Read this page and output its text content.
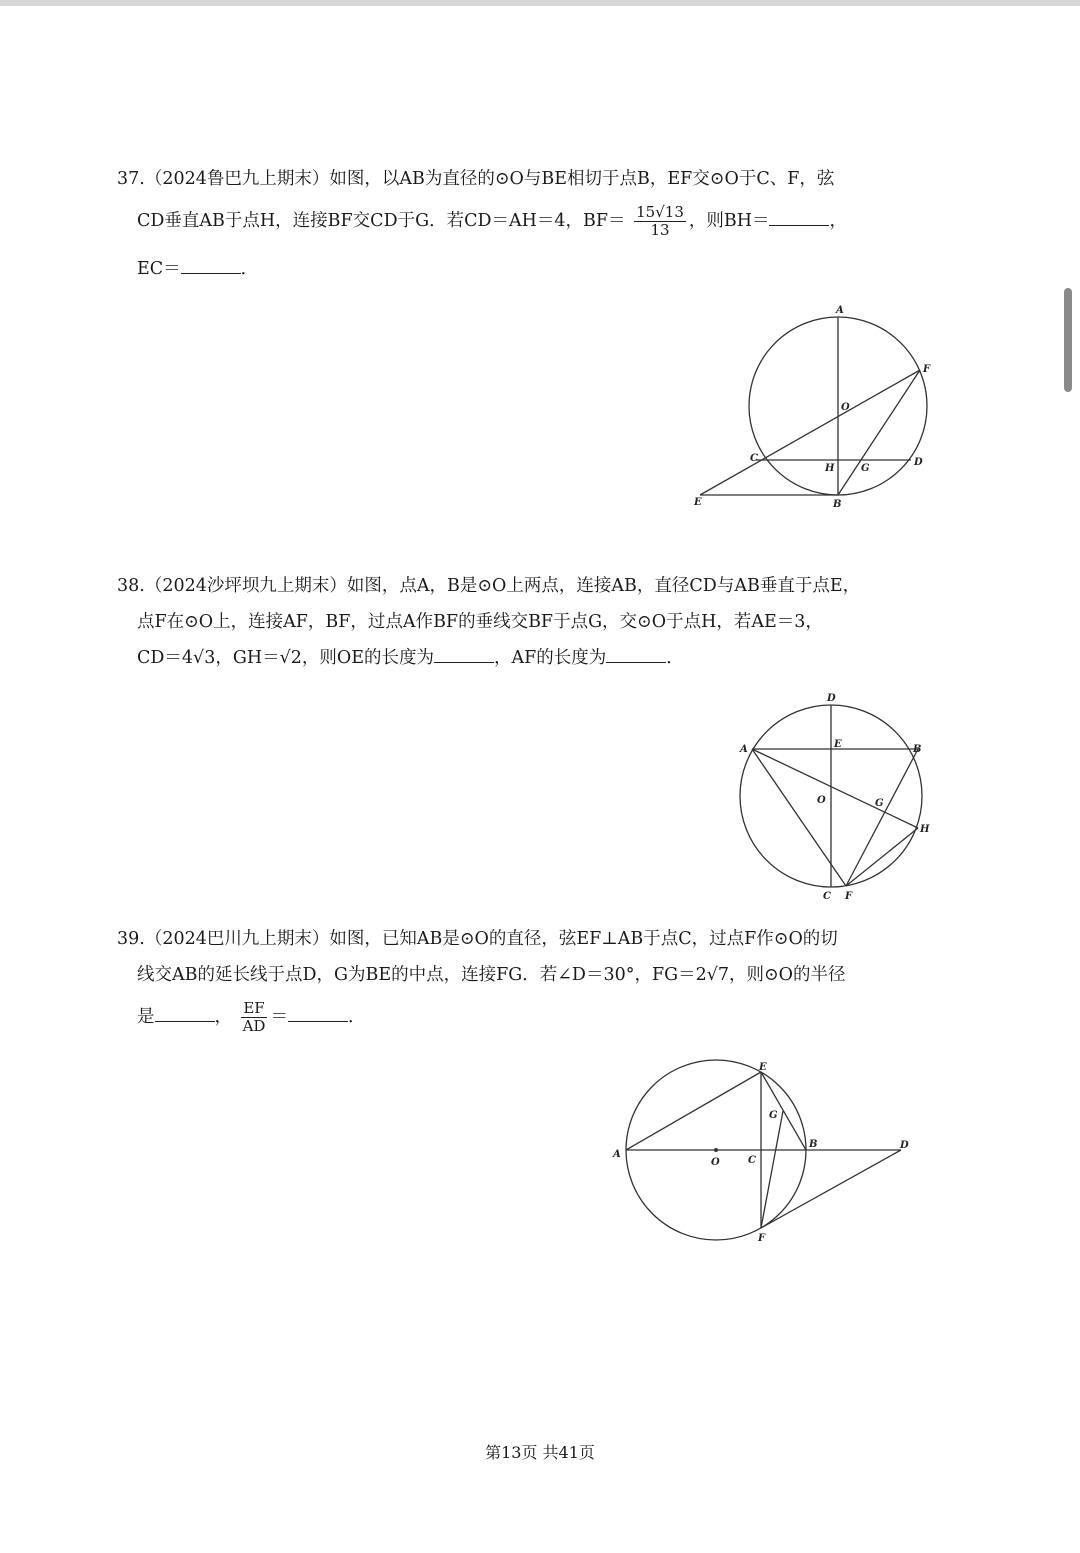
37.（2024鲁巴九上期末）如图，以AB为直径的⊙O与BE相切于点B，EF交⊙O于C、F，弦
CD垂直AB于点H，连接BF交CD于G．若CD＝AH＝4，$BF= \frac{15√13}{13}$ ，则BH＝	，
EC＝	．
A
F
O
C
H	G
D
E	B
38.（2024沙坪坝九上期末）如图，点A，B是⊙O上两点，连接AB，直径CD与AB垂直于点E，
点F在⊙O上，连接AF，BF，过点A作BF的垂线交BF于点G，交⊙O于点H，若AE＝3，
CD＝4√3，GH＝√2，则OE的长度为	，AF的长度为	．
D
A	E	B
O	G
H
C F
39.（2024巴川九上期末）如图，已知AB是⊙O的直径，弦EF⊥AB于点C，过点F作⊙O的切
线交AB的延长线于点D，G为BE的中点，连接FG．若∠D＝30°，FG＝2√7，则⊙O的半径
是	， $\frac{EF}{AD}$ ＝	．
E
G
A
O	C
B	D
F
第13页 共41页
